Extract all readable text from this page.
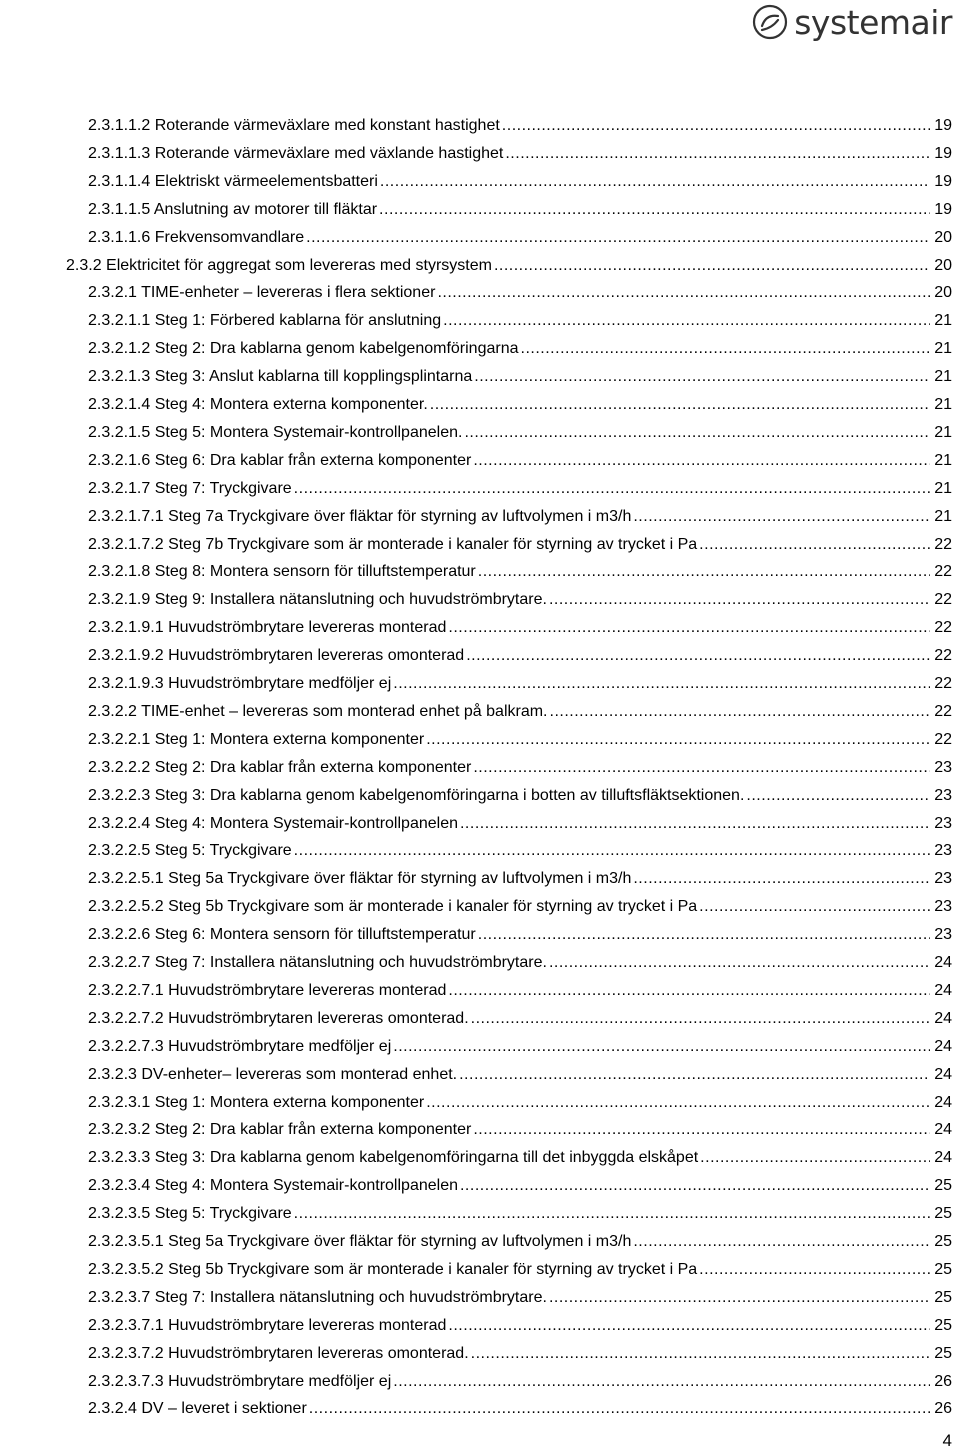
systemair
2.3.1.1.2 Roterande värmeväxlare med konstant hastighet .....	19
2.3.1.1.3 Roterande värmeväxlare med växlande hastighet .....	19
2.3.1.1.4 Elektriskt värmeelementsbatteri .....	19
2.3.1.1.5 Anslutning av motorer till fläktar .....	19
2.3.1.1.6 Frekvensomvandlare .....	20
2.3.2 Elektricitet för aggregat som levereras med styrsystem .....	20
2.3.2.1 TIME-enheter – levereras i flera sektioner .....	20
2.3.2.1.1 Steg 1: Förbered kablarna för anslutning .....	21
2.3.2.1.2 Steg 2: Dra kablarna genom kabelgenomföringarna .....	21
2.3.2.1.3 Steg 3: Anslut kablarna till kopplingsplintarna .....	21
2.3.2.1.4 Steg 4: Montera externa komponenter. .....	21
2.3.2.1.5 Steg 5: Montera Systemair-kontrollpanelen. .....	21
2.3.2.1.6 Steg 6: Dra kablar från externa komponenter .....	21
2.3.2.1.7 Steg 7: Tryckgivare .....	21
2.3.2.1.7.1 Steg 7a Tryckgivare över fläktar för styrning av luftvolymen i m3/h .....	21
2.3.2.1.7.2 Steg 7b Tryckgivare som är monterade i kanaler för styrning av trycket i Pa .....	22
2.3.2.1.8 Steg 8: Montera sensorn för tilluftstemperatur .....	22
2.3.2.1.9 Steg 9: Installera nätanslutning och huvudströmbrytare. .....	22
2.3.2.1.9.1 Huvudströmbrytare levereras monterad .....	22
2.3.2.1.9.2 Huvudströmbrytaren levereras omonterad .....	22
2.3.2.1.9.3 Huvudströmbrytare medföljer ej .....	22
2.3.2.2 TIME-enhet – levereras som monterad enhet på balkram. .....	22
2.3.2.2.1 Steg 1: Montera externa komponenter .....	22
2.3.2.2.2 Steg 2: Dra kablar från externa komponenter .....	23
2.3.2.2.3 Steg 3: Dra kablarna genom kabelgenomföringarna i botten av tilluftsfläktsektionen. .....	23
2.3.2.2.4 Steg 4: Montera Systemair-kontrollpanelen .....	23
2.3.2.2.5 Steg 5: Tryckgivare .....	23
2.3.2.2.5.1 Steg 5a Tryckgivare över fläktar för styrning av luftvolymen i m3/h .....	23
2.3.2.2.5.2 Steg 5b Tryckgivare som är monterade i kanaler för styrning av trycket i Pa .....	23
2.3.2.2.6 Steg 6: Montera sensorn för tilluftstemperatur .....	23
2.3.2.2.7 Steg 7: Installera nätanslutning och huvudströmbrytare. .....	24
2.3.2.2.7.1 Huvudströmbrytare levereras monterad .....	24
2.3.2.2.7.2 Huvudströmbrytaren levereras omonterad. .....	24
2.3.2.2.7.3 Huvudströmbrytare medföljer ej .....	24
2.3.2.3 DV-enheter– levereras som monterad enhet. .....	24
2.3.2.3.1 Steg 1: Montera externa komponenter .....	24
2.3.2.3.2 Steg 2: Dra kablar från externa komponenter .....	24
2.3.2.3.3 Steg 3: Dra kablarna genom kabelgenomföringarna till det inbyggda elskåpet .....	24
2.3.2.3.4 Steg 4: Montera Systemair-kontrollpanelen .....	25
2.3.2.3.5 Steg 5: Tryckgivare .....	25
2.3.2.3.5.1 Steg 5a Tryckgivare över fläktar för styrning av luftvolymen i m3/h .....	25
2.3.2.3.5.2 Steg 5b Tryckgivare som är monterade i kanaler för styrning av trycket i Pa .....	25
2.3.2.3.7 Steg 7: Installera nätanslutning och huvudströmbrytare. .....	25
2.3.2.3.7.1 Huvudströmbrytare levereras monterad .....	25
2.3.2.3.7.2 Huvudströmbrytaren levereras omonterad. .....	25
2.3.2.3.7.3 Huvudströmbrytare medföljer ej .....	26
2.3.2.4 DV – leveret i sektioner .....	26
4
